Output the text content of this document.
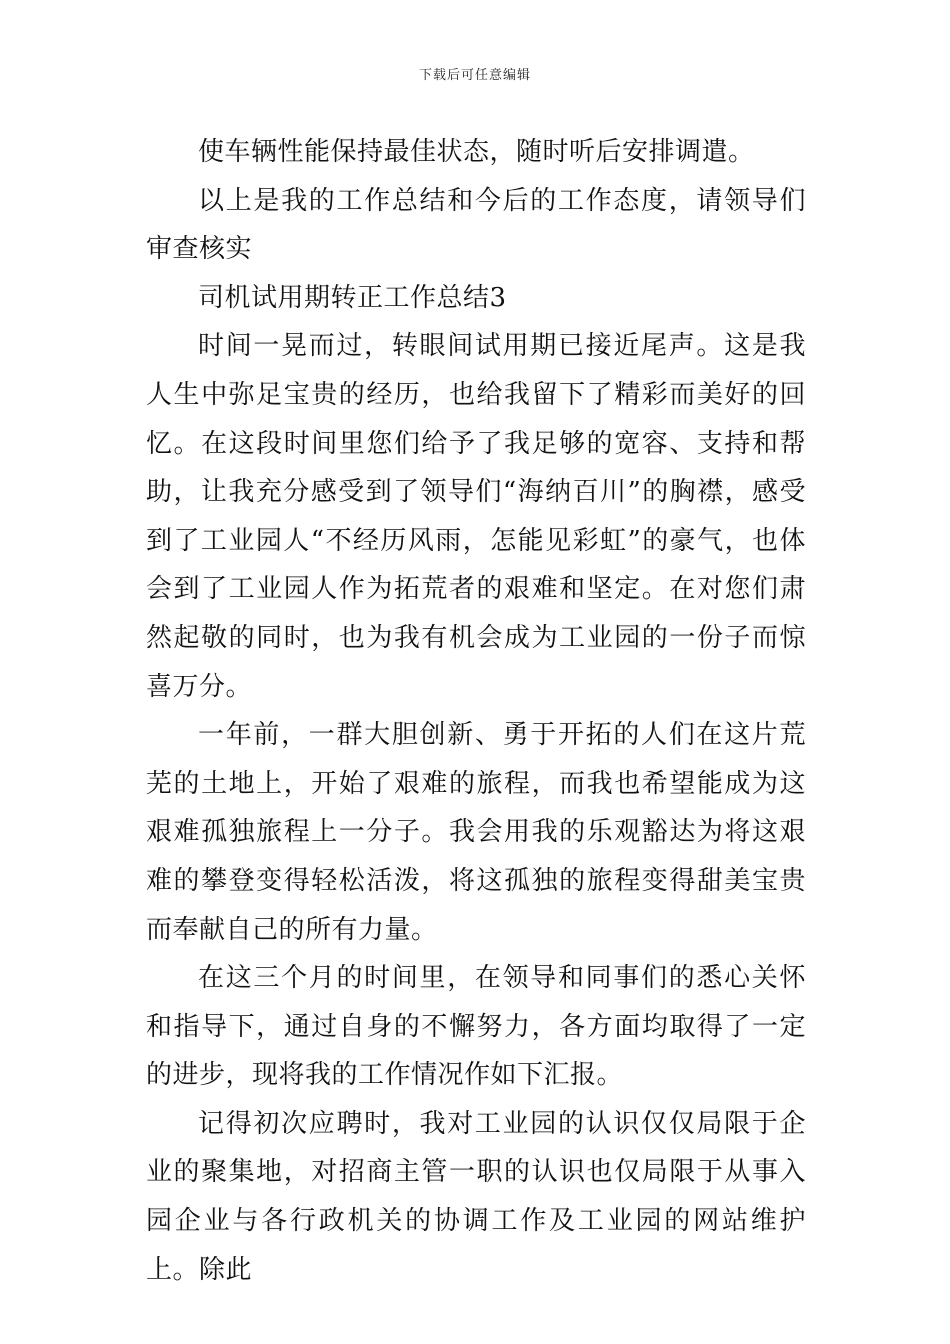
下载后可任意编辑

使车辆性能保持最佳状态，随时听后安排调遣。

以上是我的工作总结和今后的工作态度，请领导们审查核实

司机试用期转正工作总结3

时间一晃而过，转眼间试用期已接近尾声。这是我人生中弥足宝贵的经历，也给我留下了精彩而美好的回忆。在这段时间里您们给予了我足够的宽容、支持和帮助，让我充分感受到了领导们“海纳百川”的胸襟，感受到了工业园人“不经历风雨，怎能见彩虹”的豪气，也体会到了工业园人作为拓荒者的艰难和坚定。在对您们肃然起敬的同时，也为我有机会成为工业园的一份子而惊喜万分。

一年前，一群大胆创新、勇于开拓的人们在这片荒芜的土地上，开始了艰难的旅程，而我也希望能成为这艰难孤独旅程上一分子。我会用我的乐观豁达为将这艰难的攀登变得轻松活泼，将这孤独的旅程变得甜美宝贵而奉献自己的所有力量。

在这三个月的时间里，在领导和同事们的悉心关怀和指导下，通过自身的不懈努力，各方面均取得了一定的进步，现将我的工作情况作如下汇报。

记得初次应聘时，我对工业园的认识仅仅局限于企业的聚集地，对招商主管一职的认识也仅局限于从事入园企业与各行政机关的协调工作及工业园的网站维护上。除此
